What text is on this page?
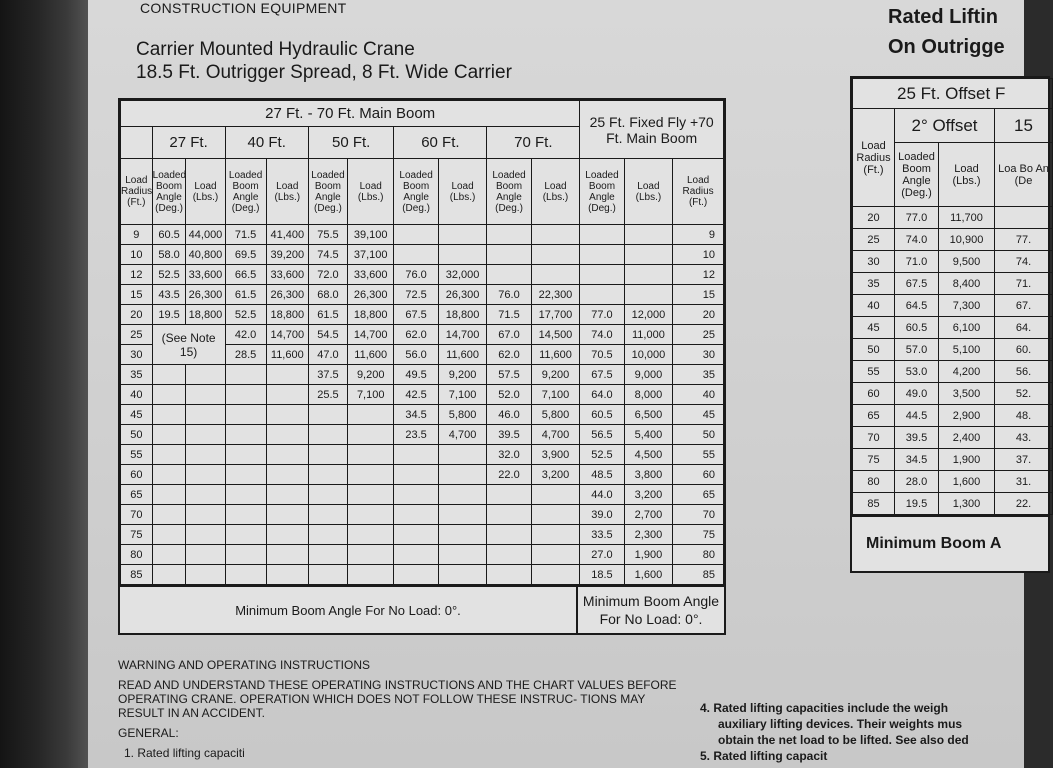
CONSTRUCTION EQUIPMENT
Carrier Mounted Hydraulic Crane
18.5 Ft. Outrigger Spread, 8 Ft. Wide Carrier
27 Ft. - 70 Ft. Main Boom											25 Ft. Fixed Fly +70 Ft. Main Boom		
	27 Ft.		40 Ft.		50 Ft.		60 Ft.		70 Ft.				
Load Radius (Ft.)	Loaded Boom Angle (Deg.)	Load (Lbs.)	Loaded Boom Angle (Deg.)	Load (Lbs.)	Loaded Boom Angle (Deg.)	Load (Lbs.)	Loaded Boom Angle (Deg.)	Load (Lbs.)	Loaded Boom Angle (Deg.)	Load (Lbs.)	Loaded Boom Angle (Deg.)	Load (Lbs.)	Load Radius (Ft.)
9	60.5	44,000	71.5	41,400	75.5	39,100							9
10	58.0	40,800	69.5	39,200	74.5	37,100							10
12	52.5	33,600	66.5	33,600	72.0	33,600	76.0	32,000					12
15	43.5	26,300	61.5	26,300	68.0	26,300	72.5	26,300	76.0	22,300			15
20	19.5	18,800	52.5	18,800	61.5	18,800	67.5	18,800	71.5	17,700	77.0	12,000	20
25	(See Note 15)		42.0	14,700	54.5	14,700	62.0	14,700	67.0	14,500	74.0	11,000	25
30			28.5	11,600	47.0	11,600	56.0	11,600	62.0	11,600	70.5	10,000	30
35					37.5	9,200	49.5	9,200	57.5	9,200	67.5	9,000	35
40					25.5	7,100	42.5	7,100	52.0	7,100	64.0	8,000	40
45							34.5	5,800	46.0	5,800	60.5	6,500	45
50							23.5	4,700	39.5	4,700	56.5	5,400	50
55									32.0	3,900	52.5	4,500	55
60									22.0	3,200	48.5	3,800	60
65											44.0	3,200	65
70											39.0	2,700	70
75											33.5	2,300	75
80											27.0	1,900	80
85											18.5	1,600	85
Minimum Boom Angle For No Load: 0°.
Minimum Boom Angle For No Load: 0°.
Rated Liftin
On Outrigge
25 Ft. Offset F			
Load Radius (Ft.)	2° Offset		15
	Loaded Boom Angle (Deg.)	Load (Lbs.)	Loa Bo An (De
20	77.0	11,700	
25	74.0	10,900	77.
30	71.0	9,500	74.
35	67.5	8,400	71.
40	64.5	7,300	67.
45	60.5	6,100	64.
50	57.0	5,100	60.
55	53.0	4,200	56.
60	49.0	3,500	52.
65	44.5	2,900	48.
70	39.5	2,400	43.
75	34.5	1,900	37.
80	28.0	1,600	31.
85	19.5	1,300	22.
Minimum Boom A
WARNING AND OPERATING INSTRUCTIONS
READ AND UNDERSTAND THESE OPERATING INSTRUCTIONS AND THE CHART VALUES BEFORE OPERATING CRANE. OPERATION WHICH DOES NOT FOLLOW THESE INSTRUC- TIONS MAY RESULT IN AN ACCIDENT.
GENERAL:
1. Rated lifting capaciti
4. Rated lifting capacities include the weigh
auxiliary lifting devices. Their weights mus
obtain the net load to be lifted. See also ded
5. Rated lifting capacit
